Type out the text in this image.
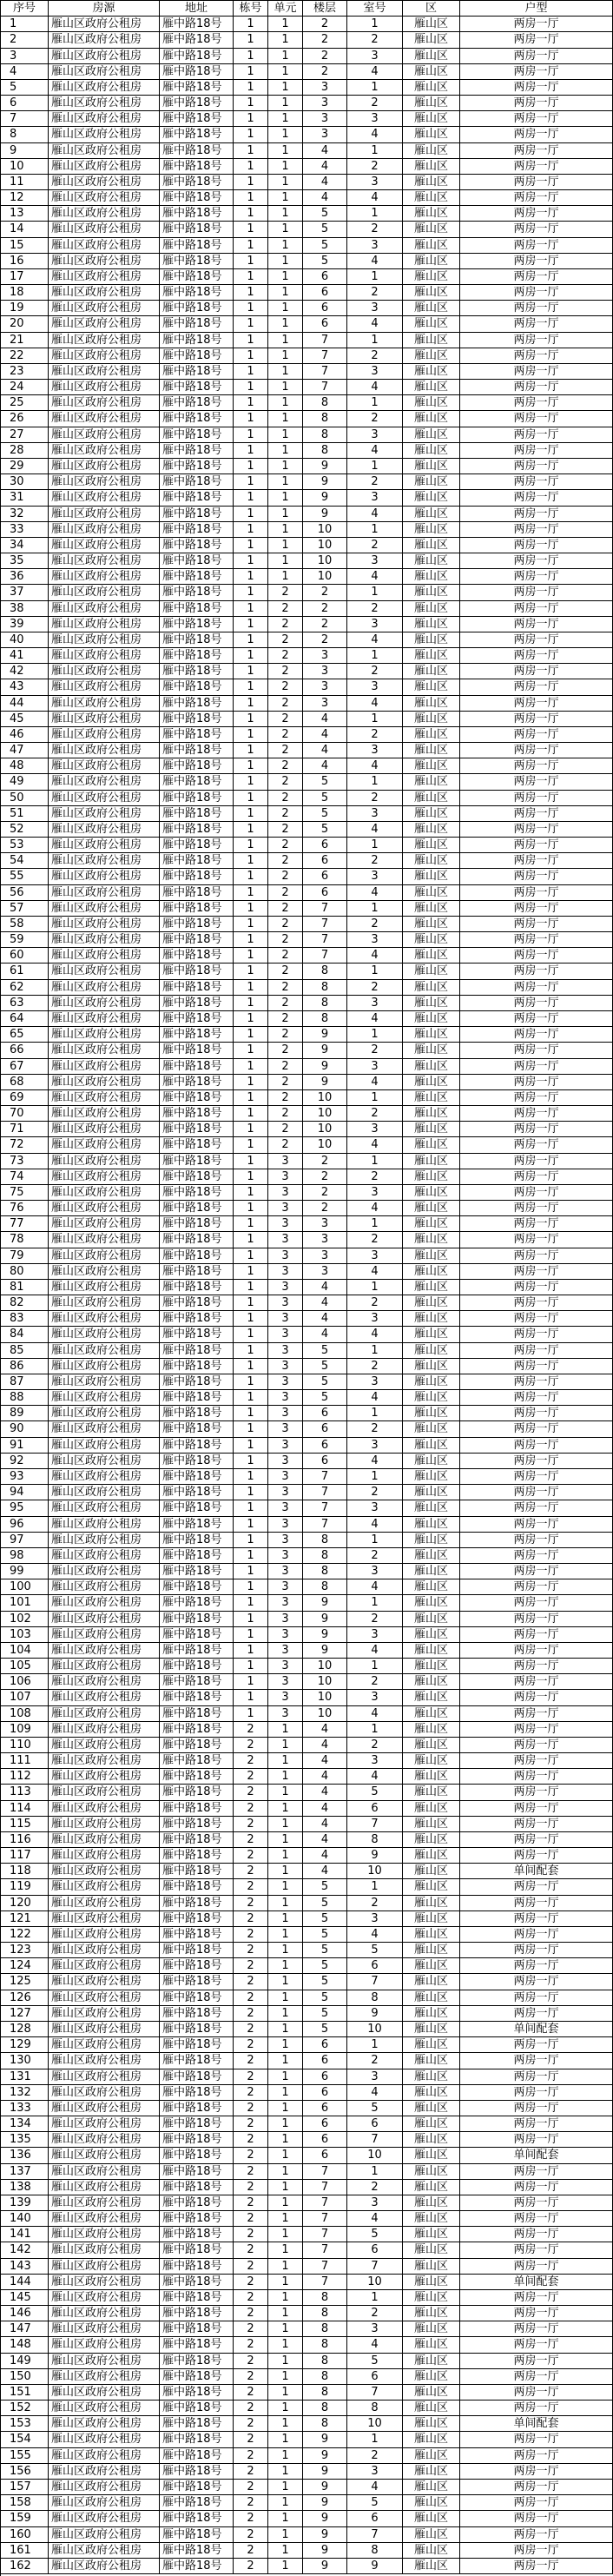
序号	房源	地址	栋号	单元	楼层	室号	区	户型
1	雁山区政府公租房	雁中路18号	1	1	2	1	雁山区	两房一厅
2	雁山区政府公租房	雁中路18号	1	1	2	2	雁山区	两房一厅
3	雁山区政府公租房	雁中路18号	1	1	2	3	雁山区	两房一厅
4	雁山区政府公租房	雁中路18号	1	1	2	4	雁山区	两房一厅
5	雁山区政府公租房	雁中路18号	1	1	3	1	雁山区	两房一厅
6	雁山区政府公租房	雁中路18号	1	1	3	2	雁山区	两房一厅
7	雁山区政府公租房	雁中路18号	1	1	3	3	雁山区	两房一厅
8	雁山区政府公租房	雁中路18号	1	1	3	4	雁山区	两房一厅
9	雁山区政府公租房	雁中路18号	1	1	4	1	雁山区	两房一厅
10	雁山区政府公租房	雁中路18号	1	1	4	2	雁山区	两房一厅
11	雁山区政府公租房	雁中路18号	1	1	4	3	雁山区	两房一厅
12	雁山区政府公租房	雁中路18号	1	1	4	4	雁山区	两房一厅
13	雁山区政府公租房	雁中路18号	1	1	5	1	雁山区	两房一厅
14	雁山区政府公租房	雁中路18号	1	1	5	2	雁山区	两房一厅
15	雁山区政府公租房	雁中路18号	1	1	5	3	雁山区	两房一厅
16	雁山区政府公租房	雁中路18号	1	1	5	4	雁山区	两房一厅
17	雁山区政府公租房	雁中路18号	1	1	6	1	雁山区	两房一厅
18	雁山区政府公租房	雁中路18号	1	1	6	2	雁山区	两房一厅
19	雁山区政府公租房	雁中路18号	1	1	6	3	雁山区	两房一厅
20	雁山区政府公租房	雁中路18号	1	1	6	4	雁山区	两房一厅
21	雁山区政府公租房	雁中路18号	1	1	7	1	雁山区	两房一厅
22	雁山区政府公租房	雁中路18号	1	1	7	2	雁山区	两房一厅
23	雁山区政府公租房	雁中路18号	1	1	7	3	雁山区	两房一厅
24	雁山区政府公租房	雁中路18号	1	1	7	4	雁山区	两房一厅
25	雁山区政府公租房	雁中路18号	1	1	8	1	雁山区	两房一厅
26	雁山区政府公租房	雁中路18号	1	1	8	2	雁山区	两房一厅
27	雁山区政府公租房	雁中路18号	1	1	8	3	雁山区	两房一厅
28	雁山区政府公租房	雁中路18号	1	1	8	4	雁山区	两房一厅
29	雁山区政府公租房	雁中路18号	1	1	9	1	雁山区	两房一厅
30	雁山区政府公租房	雁中路18号	1	1	9	2	雁山区	两房一厅
31	雁山区政府公租房	雁中路18号	1	1	9	3	雁山区	两房一厅
32	雁山区政府公租房	雁中路18号	1	1	9	4	雁山区	两房一厅
33	雁山区政府公租房	雁中路18号	1	1	10	1	雁山区	两房一厅
34	雁山区政府公租房	雁中路18号	1	1	10	2	雁山区	两房一厅
35	雁山区政府公租房	雁中路18号	1	1	10	3	雁山区	两房一厅
36	雁山区政府公租房	雁中路18号	1	1	10	4	雁山区	两房一厅
37	雁山区政府公租房	雁中路18号	1	2	2	1	雁山区	两房一厅
38	雁山区政府公租房	雁中路18号	1	2	2	2	雁山区	两房一厅
39	雁山区政府公租房	雁中路18号	1	2	2	3	雁山区	两房一厅
40	雁山区政府公租房	雁中路18号	1	2	2	4	雁山区	两房一厅
41	雁山区政府公租房	雁中路18号	1	2	3	1	雁山区	两房一厅
42	雁山区政府公租房	雁中路18号	1	2	3	2	雁山区	两房一厅
43	雁山区政府公租房	雁中路18号	1	2	3	3	雁山区	两房一厅
44	雁山区政府公租房	雁中路18号	1	2	3	4	雁山区	两房一厅
45	雁山区政府公租房	雁中路18号	1	2	4	1	雁山区	两房一厅
46	雁山区政府公租房	雁中路18号	1	2	4	2	雁山区	两房一厅
47	雁山区政府公租房	雁中路18号	1	2	4	3	雁山区	两房一厅
48	雁山区政府公租房	雁中路18号	1	2	4	4	雁山区	两房一厅
49	雁山区政府公租房	雁中路18号	1	2	5	1	雁山区	两房一厅
50	雁山区政府公租房	雁中路18号	1	2	5	2	雁山区	两房一厅
51	雁山区政府公租房	雁中路18号	1	2	5	3	雁山区	两房一厅
52	雁山区政府公租房	雁中路18号	1	2	5	4	雁山区	两房一厅
53	雁山区政府公租房	雁中路18号	1	2	6	1	雁山区	两房一厅
54	雁山区政府公租房	雁中路18号	1	2	6	2	雁山区	两房一厅
55	雁山区政府公租房	雁中路18号	1	2	6	3	雁山区	两房一厅
56	雁山区政府公租房	雁中路18号	1	2	6	4	雁山区	两房一厅
57	雁山区政府公租房	雁中路18号	1	2	7	1	雁山区	两房一厅
58	雁山区政府公租房	雁中路18号	1	2	7	2	雁山区	两房一厅
59	雁山区政府公租房	雁中路18号	1	2	7	3	雁山区	两房一厅
60	雁山区政府公租房	雁中路18号	1	2	7	4	雁山区	两房一厅
61	雁山区政府公租房	雁中路18号	1	2	8	1	雁山区	两房一厅
62	雁山区政府公租房	雁中路18号	1	2	8	2	雁山区	两房一厅
63	雁山区政府公租房	雁中路18号	1	2	8	3	雁山区	两房一厅
64	雁山区政府公租房	雁中路18号	1	2	8	4	雁山区	两房一厅
65	雁山区政府公租房	雁中路18号	1	2	9	1	雁山区	两房一厅
66	雁山区政府公租房	雁中路18号	1	2	9	2	雁山区	两房一厅
67	雁山区政府公租房	雁中路18号	1	2	9	3	雁山区	两房一厅
68	雁山区政府公租房	雁中路18号	1	2	9	4	雁山区	两房一厅
69	雁山区政府公租房	雁中路18号	1	2	10	1	雁山区	两房一厅
70	雁山区政府公租房	雁中路18号	1	2	10	2	雁山区	两房一厅
71	雁山区政府公租房	雁中路18号	1	2	10	3	雁山区	两房一厅
72	雁山区政府公租房	雁中路18号	1	2	10	4	雁山区	两房一厅
73	雁山区政府公租房	雁中路18号	1	3	2	1	雁山区	两房一厅
74	雁山区政府公租房	雁中路18号	1	3	2	2	雁山区	两房一厅
75	雁山区政府公租房	雁中路18号	1	3	2	3	雁山区	两房一厅
76	雁山区政府公租房	雁中路18号	1	3	2	4	雁山区	两房一厅
77	雁山区政府公租房	雁中路18号	1	3	3	1	雁山区	两房一厅
78	雁山区政府公租房	雁中路18号	1	3	3	2	雁山区	两房一厅
79	雁山区政府公租房	雁中路18号	1	3	3	3	雁山区	两房一厅
80	雁山区政府公租房	雁中路18号	1	3	3	4	雁山区	两房一厅
81	雁山区政府公租房	雁中路18号	1	3	4	1	雁山区	两房一厅
82	雁山区政府公租房	雁中路18号	1	3	4	2	雁山区	两房一厅
83	雁山区政府公租房	雁中路18号	1	3	4	3	雁山区	两房一厅
84	雁山区政府公租房	雁中路18号	1	3	4	4	雁山区	两房一厅
85	雁山区政府公租房	雁中路18号	1	3	5	1	雁山区	两房一厅
86	雁山区政府公租房	雁中路18号	1	3	5	2	雁山区	两房一厅
87	雁山区政府公租房	雁中路18号	1	3	5	3	雁山区	两房一厅
88	雁山区政府公租房	雁中路18号	1	3	5	4	雁山区	两房一厅
89	雁山区政府公租房	雁中路18号	1	3	6	1	雁山区	两房一厅
90	雁山区政府公租房	雁中路18号	1	3	6	2	雁山区	两房一厅
91	雁山区政府公租房	雁中路18号	1	3	6	3	雁山区	两房一厅
92	雁山区政府公租房	雁中路18号	1	3	6	4	雁山区	两房一厅
93	雁山区政府公租房	雁中路18号	1	3	7	1	雁山区	两房一厅
94	雁山区政府公租房	雁中路18号	1	3	7	2	雁山区	两房一厅
95	雁山区政府公租房	雁中路18号	1	3	7	3	雁山区	两房一厅
96	雁山区政府公租房	雁中路18号	1	3	7	4	雁山区	两房一厅
97	雁山区政府公租房	雁中路18号	1	3	8	1	雁山区	两房一厅
98	雁山区政府公租房	雁中路18号	1	3	8	2	雁山区	两房一厅
99	雁山区政府公租房	雁中路18号	1	3	8	3	雁山区	两房一厅
100	雁山区政府公租房	雁中路18号	1	3	8	4	雁山区	两房一厅
101	雁山区政府公租房	雁中路18号	1	3	9	1	雁山区	两房一厅
102	雁山区政府公租房	雁中路18号	1	3	9	2	雁山区	两房一厅
103	雁山区政府公租房	雁中路18号	1	3	9	3	雁山区	两房一厅
104	雁山区政府公租房	雁中路18号	1	3	9	4	雁山区	两房一厅
105	雁山区政府公租房	雁中路18号	1	3	10	1	雁山区	两房一厅
106	雁山区政府公租房	雁中路18号	1	3	10	2	雁山区	两房一厅
107	雁山区政府公租房	雁中路18号	1	3	10	3	雁山区	两房一厅
108	雁山区政府公租房	雁中路18号	1	3	10	4	雁山区	两房一厅
109	雁山区政府公租房	雁中路18号	2	1	4	1	雁山区	两房一厅
110	雁山区政府公租房	雁中路18号	2	1	4	2	雁山区	两房一厅
111	雁山区政府公租房	雁中路18号	2	1	4	3	雁山区	两房一厅
112	雁山区政府公租房	雁中路18号	2	1	4	4	雁山区	两房一厅
113	雁山区政府公租房	雁中路18号	2	1	4	5	雁山区	两房一厅
114	雁山区政府公租房	雁中路18号	2	1	4	6	雁山区	两房一厅
115	雁山区政府公租房	雁中路18号	2	1	4	7	雁山区	两房一厅
116	雁山区政府公租房	雁中路18号	2	1	4	8	雁山区	两房一厅
117	雁山区政府公租房	雁中路18号	2	1	4	9	雁山区	两房一厅
118	雁山区政府公租房	雁中路18号	2	1	4	10	雁山区	单间配套
119	雁山区政府公租房	雁中路18号	2	1	5	1	雁山区	两房一厅
120	雁山区政府公租房	雁中路18号	2	1	5	2	雁山区	两房一厅
121	雁山区政府公租房	雁中路18号	2	1	5	3	雁山区	两房一厅
122	雁山区政府公租房	雁中路18号	2	1	5	4	雁山区	两房一厅
123	雁山区政府公租房	雁中路18号	2	1	5	5	雁山区	两房一厅
124	雁山区政府公租房	雁中路18号	2	1	5	6	雁山区	两房一厅
125	雁山区政府公租房	雁中路18号	2	1	5	7	雁山区	两房一厅
126	雁山区政府公租房	雁中路18号	2	1	5	8	雁山区	两房一厅
127	雁山区政府公租房	雁中路18号	2	1	5	9	雁山区	两房一厅
128	雁山区政府公租房	雁中路18号	2	1	5	10	雁山区	单间配套
129	雁山区政府公租房	雁中路18号	2	1	6	1	雁山区	两房一厅
130	雁山区政府公租房	雁中路18号	2	1	6	2	雁山区	两房一厅
131	雁山区政府公租房	雁中路18号	2	1	6	3	雁山区	两房一厅
132	雁山区政府公租房	雁中路18号	2	1	6	4	雁山区	两房一厅
133	雁山区政府公租房	雁中路18号	2	1	6	5	雁山区	两房一厅
134	雁山区政府公租房	雁中路18号	2	1	6	6	雁山区	两房一厅
135	雁山区政府公租房	雁中路18号	2	1	6	7	雁山区	两房一厅
136	雁山区政府公租房	雁中路18号	2	1	6	10	雁山区	单间配套
137	雁山区政府公租房	雁中路18号	2	1	7	1	雁山区	两房一厅
138	雁山区政府公租房	雁中路18号	2	1	7	2	雁山区	两房一厅
139	雁山区政府公租房	雁中路18号	2	1	7	3	雁山区	两房一厅
140	雁山区政府公租房	雁中路18号	2	1	7	4	雁山区	两房一厅
141	雁山区政府公租房	雁中路18号	2	1	7	5	雁山区	两房一厅
142	雁山区政府公租房	雁中路18号	2	1	7	6	雁山区	两房一厅
143	雁山区政府公租房	雁中路18号	2	1	7	7	雁山区	两房一厅
144	雁山区政府公租房	雁中路18号	2	1	7	10	雁山区	单间配套
145	雁山区政府公租房	雁中路18号	2	1	8	1	雁山区	两房一厅
146	雁山区政府公租房	雁中路18号	2	1	8	2	雁山区	两房一厅
147	雁山区政府公租房	雁中路18号	2	1	8	3	雁山区	两房一厅
148	雁山区政府公租房	雁中路18号	2	1	8	4	雁山区	两房一厅
149	雁山区政府公租房	雁中路18号	2	1	8	5	雁山区	两房一厅
150	雁山区政府公租房	雁中路18号	2	1	8	6	雁山区	两房一厅
151	雁山区政府公租房	雁中路18号	2	1	8	7	雁山区	两房一厅
152	雁山区政府公租房	雁中路18号	2	1	8	8	雁山区	两房一厅
153	雁山区政府公租房	雁中路18号	2	1	8	10	雁山区	单间配套
154	雁山区政府公租房	雁中路18号	2	1	9	1	雁山区	两房一厅
155	雁山区政府公租房	雁中路18号	2	1	9	2	雁山区	两房一厅
156	雁山区政府公租房	雁中路18号	2	1	9	3	雁山区	两房一厅
157	雁山区政府公租房	雁中路18号	2	1	9	4	雁山区	两房一厅
158	雁山区政府公租房	雁中路18号	2	1	9	5	雁山区	两房一厅
159	雁山区政府公租房	雁中路18号	2	1	9	6	雁山区	两房一厅
160	雁山区政府公租房	雁中路18号	2	1	9	7	雁山区	两房一厅
161	雁山区政府公租房	雁中路18号	2	1	9	8	雁山区	两房一厅
162	雁山区政府公租房	雁中路18号	2	1	9	9	雁山区	两房一厅
